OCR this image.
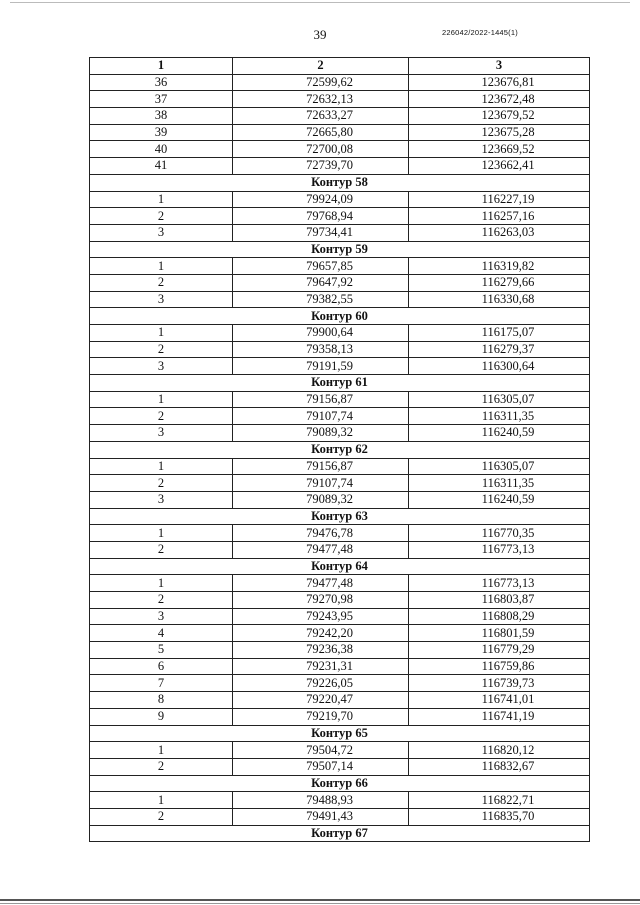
39	226042/2022-1445(1)
1	2	3
36	72599,62	123676,81
37	72632,13	123672,48
38	72633,27	123679,52
39	72665,80	123675,28
40	72700,08	123669,52
41	72739,70	123662,41
Контур 58		
1	79924,09	116227,19
2	79768,94	116257,16
3	79734,41	116263,03
Контур 59		
1	79657,85	116319,82
2	79647,92	116279,66
3	79382,55	116330,68
Контур 60		
1	79900,64	116175,07
2	79358,13	116279,37
3	79191,59	116300,64
Контур 61		
1	79156,87	116305,07
2	79107,74	116311,35
3	79089,32	116240,59
Контур 62		
1	79156,87	116305,07
2	79107,74	116311,35
3	79089,32	116240,59
Контур 63		
1	79476,78	116770,35
2	79477,48	116773,13
Контур 64		
1	79477,48	116773,13
2	79270,98	116803,87
3	79243,95	116808,29
4	79242,20	116801,59
5	79236,38	116779,29
6	79231,31	116759,86
7	79226,05	116739,73
8	79220,47	116741,01
9	79219,70	116741,19
Контур 65		
1	79504,72	116820,12
2	79507,14	116832,67
Контур 66		
1	79488,93	116822,71
2	79491,43	116835,70
Контур 67		
